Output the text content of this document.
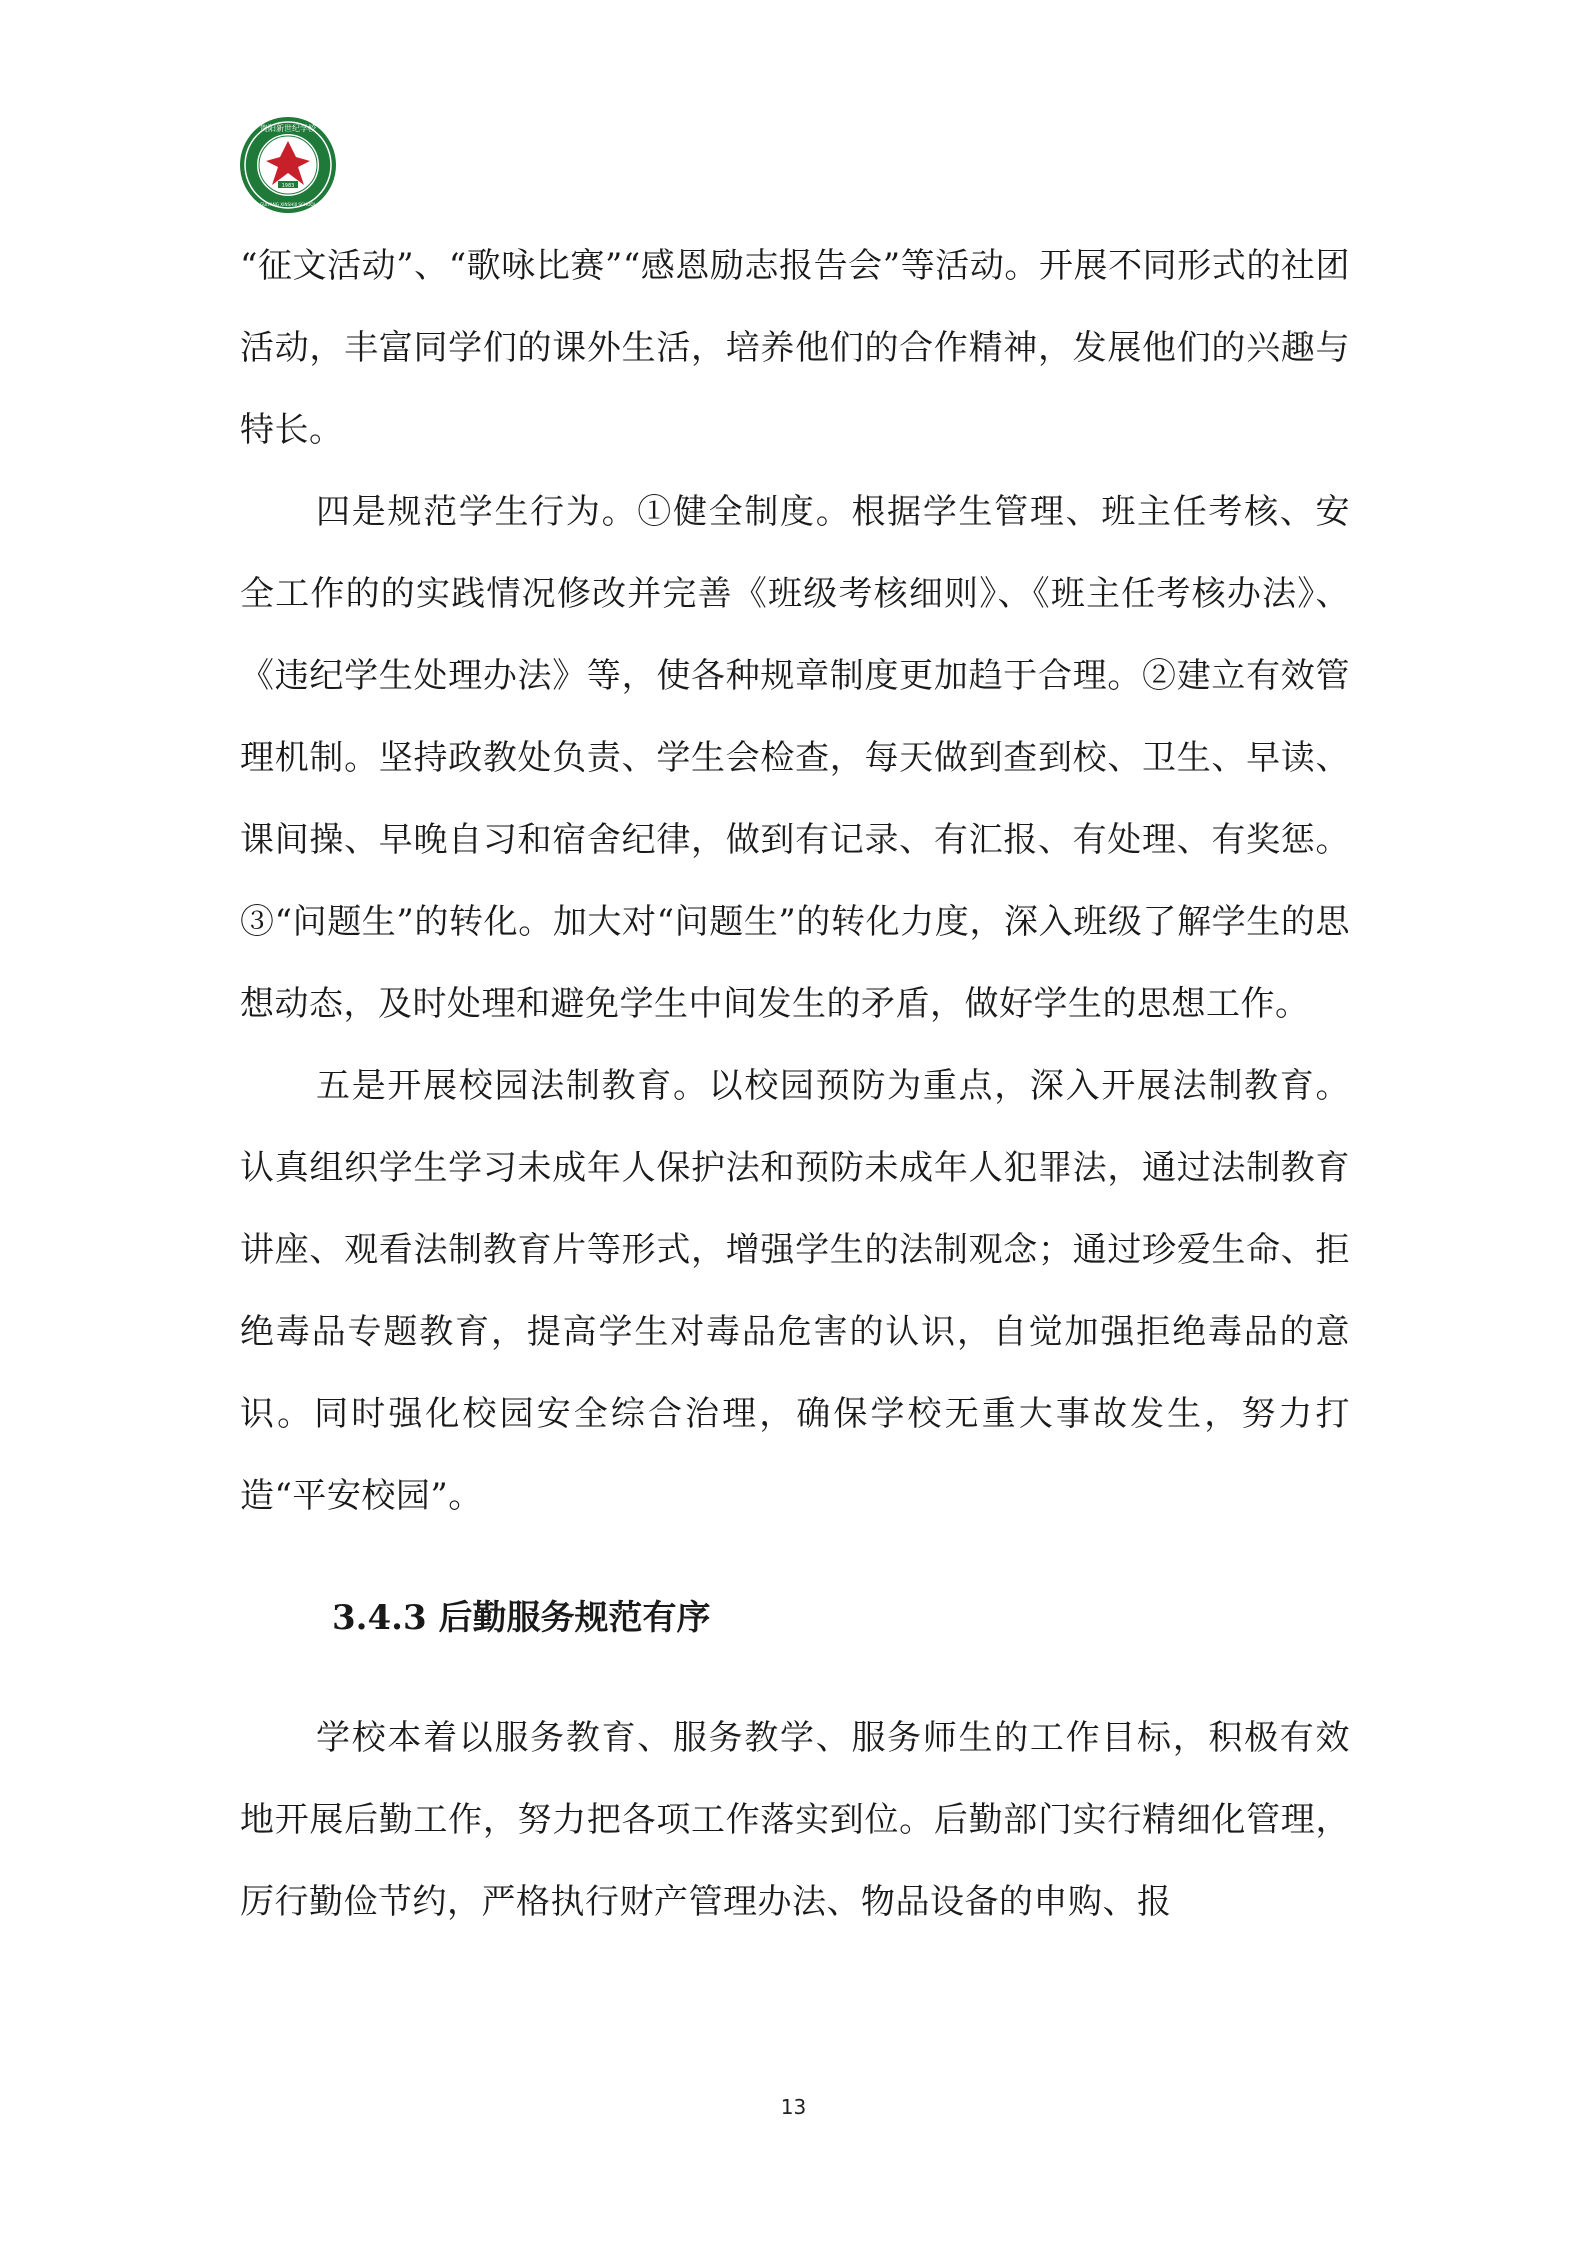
1983
贵阳新世纪学校
GUIYANG XINSHIJI SCHOOL

“征文活动”、“歌咏比赛”“感恩励志报告会”等活动。开展不同形式的社团活动，丰富同学们的课外生活，培养他们的合作精神，发展他们的兴趣与特长。

四是规范学生行为。①健全制度。根据学生管理、班主任考核、安全工作的的实践情况修改并完善《班级考核细则》、《班主任考核办法》、《违纪学生处理办法》等，使各种规章制度更加趋于合理。②建立有效管理机制。坚持政教处负责、学生会检查，每天做到查到校、卫生、早读、课间操、早晚自习和宿舍纪律，做到有记录、有汇报、有处理、有奖惩。③“问题生”的转化。加大对“问题生”的转化力度，深入班级了解学生的思想动态，及时处理和避免学生中间发生的矛盾，做好学生的思想工作。

五是开展校园法制教育。以校园预防为重点，深入开展法制教育。认真组织学生学习未成年人保护法和预防未成年人犯罪法，通过法制教育讲座、观看法制教育片等形式，增强学生的法制观念；通过珍爱生命、拒绝毒品专题教育，提高学生对毒品危害的认识，自觉加强拒绝毒品的意识。同时强化校园安全综合治理，确保学校无重大事故发生，努力打造“平安校园”。

3.4.3 后勤服务规范有序

学校本着以服务教育、服务教学、服务师生的工作目标，积极有效地开展后勤工作，努力把各项工作落实到位。后勤部门实行精细化管理，厉行勤俭节约，严格执行财产管理办法、物品设备的申购、报

13
